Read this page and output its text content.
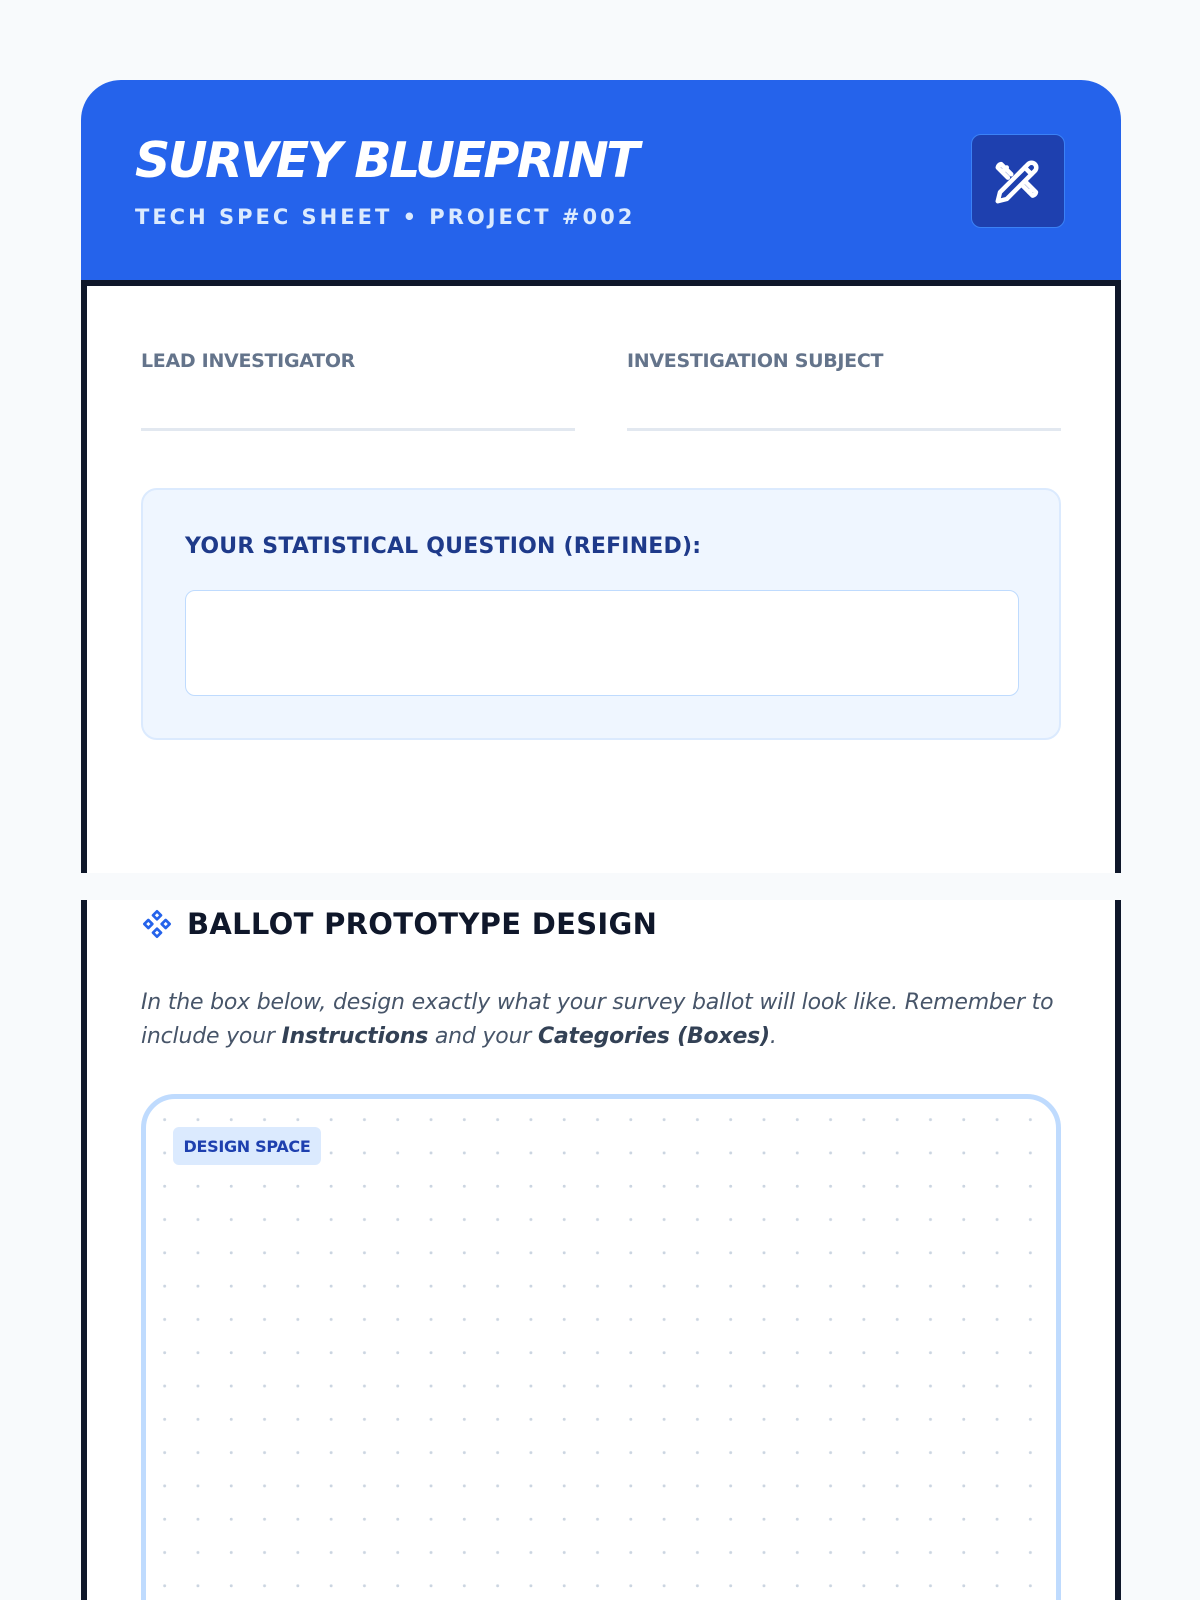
SURVEY BLUEPRINT
TECH SPEC SHEET • PROJECT #002
LEAD INVESTIGATOR	INVESTIGATION SUBJECT
YOUR STATISTICAL QUESTION (REFINED):
BALLOT PROTOTYPE DESIGN
In the box below, design exactly what your survey ballot will look like. Remember to include your Instructions and your Categories (Boxes).
DESIGN SPACE
